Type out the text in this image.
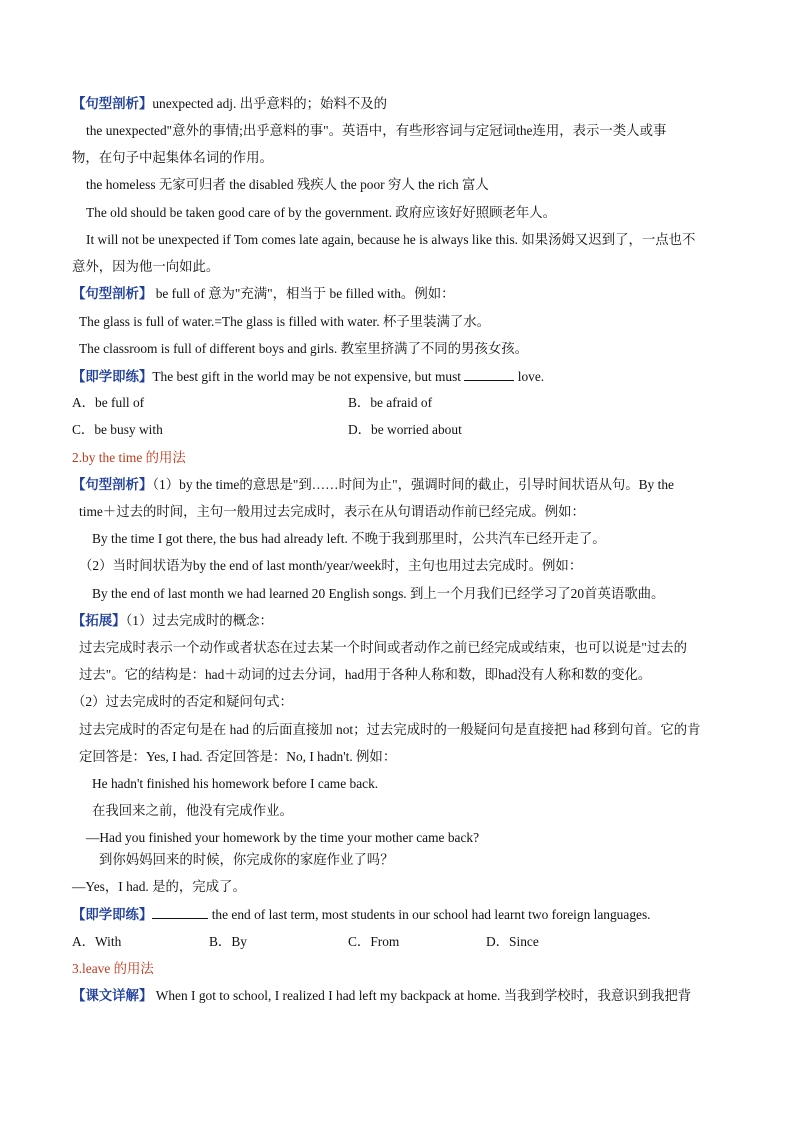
【句型剖析】unexpected adj. 出乎意料的；始料不及的
the unexpected"意外的事情;出乎意料的事"。英语中，有些形容词与定冠词the连用，表示一类人或事
物，在句子中起集体名词的作用。
the homeless 无家可归者 the disabled 残疾人 the poor 穷人 the rich 富人
The old should be taken good care of by the government. 政府应该好好照顾老年人。
It will not be unexpected if Tom comes late again, because he is always like this. 如果汤姆又迟到了，一点也不
意外，因为他一向如此。
【句型剖析】 be full of 意为"充满"，相当于 be filled with。例如：
The glass is full of water.=The glass is filled with water. 杯子里装满了水。
The classroom is full of different boys and girls. 教室里挤满了不同的男孩女孩。
【即学即练】The best gift in the world may be not expensive, but must	love.
A．be full of	B．be afraid of
C．be busy with	D．be worried about
2.by the time 的用法
【句型剖析】（1）by the time的意思是"到……时间为止"，强调时间的截止，引导时间状语从句。By the
time＋过去的时间，主句一般用过去完成时，表示在从句谓语动作前已经完成。例如：
By the time I got there, the bus had already left. 不晚于我到那里时，公共汽车已经开走了。
（2）当时间状语为by the end of last month/year/week时，主句也用过去完成时。例如：
By the end of last month we had learned 20 English songs. 到上一个月我们已经学习了20首英语歌曲。
【拓展】（1）过去完成时的概念：
过去完成时表示一个动作或者状态在过去某一个时间或者动作之前已经完成或结束，也可以说是"过去的
过去"。它的结构是：had＋动词的过去分词，had用于各种人称和数，即had没有人称和数的变化。
（2）过去完成时的否定和疑问句式：
过去完成时的否定句是在 had 的后面直接加 not；过去完成时的一般疑问句是直接把 had 移到句首。它的肯
定回答是：Yes, I had. 否定回答是：No, I hadn't. 例如：
He hadn't finished his homework before I came back.
在我回来之前，他没有完成作业。
—Had you finished your homework by the time your mother came back?
到你妈妈回来的时候，你完成你的家庭作业了吗？
—Yes，I had. 是的，完成了。
【即学即练】	the end of last term, most students in our school had learnt two foreign languages.
A．With	B．By	C．From	D．Since
3.leave 的用法
【课文详解】 When I got to school, I realized I had left my backpack at home. 当我到学校时，我意识到我把背
